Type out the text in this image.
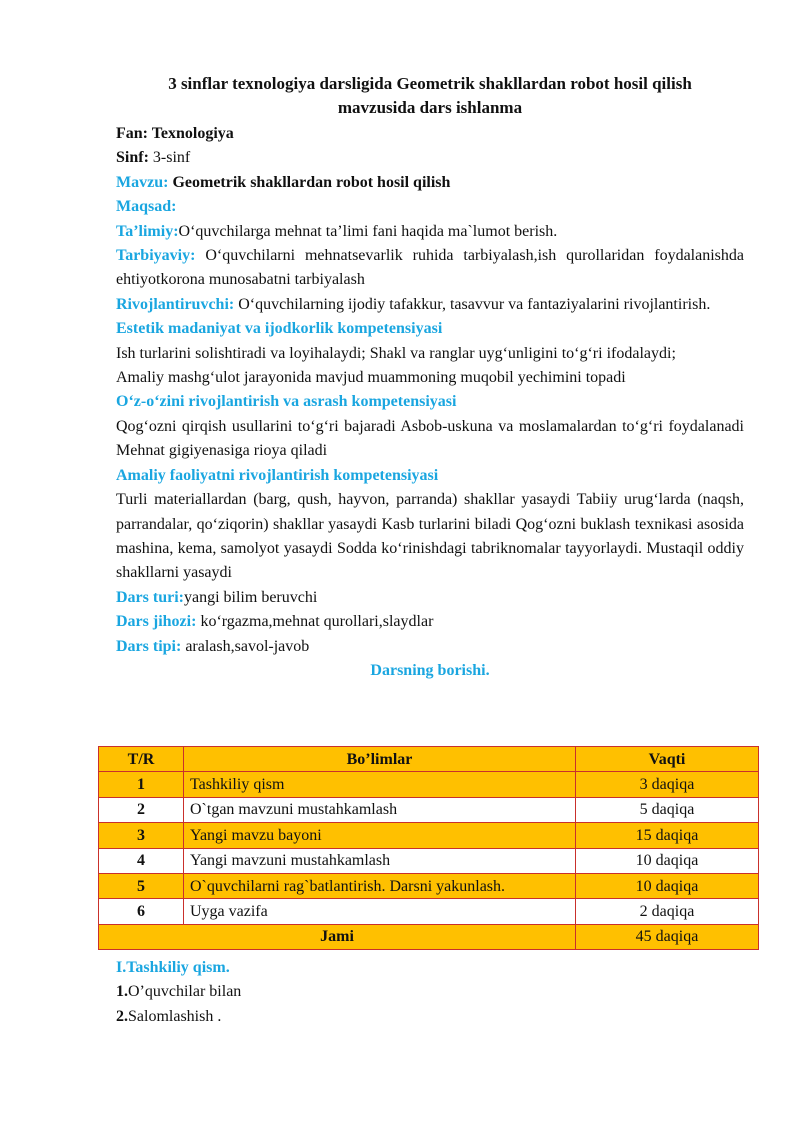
3 sinflar texnologiya darsligida Geometrik shakllardan robot hosil qilish
mavzusida dars ishlanma

Fan: Texnologiya

Sinf: 3-sinf

Mavzu: Geometrik shakllardan robot hosil qilish

Maqsad:

Ta’limiy:O‘quvchilarga mehnat ta’limi fani haqida ma`lumot berish.

Tarbiyaviy: O‘quvchilarni mehnatsevarlik ruhida tarbiyalash,ish qurollaridan foydalanishda ehtiyotkorona munosabatni tarbiyalash

Rivojlantiruvchi: O‘quvchilarning ijodiy tafakkur, tasavvur va fantaziyalarini rivojlantirish.

Estetik madaniyat va ijodkorlik kompetensiyasi

Ish turlarini solishtiradi va loyihalaydi; Shakl va ranglar uyg‘unligini to‘g‘ri ifodalaydi;

Amaliy mashg‘ulot jarayonida mavjud muammoning muqobil yechimini topadi

O‘z-o‘zini rivojlantirish va asrash kompetensiyasi

Qog‘ozni qirqish usullarini to‘g‘ri bajaradi Asbob-uskuna va moslamalardan to‘g‘ri foydalanadi Mehnat gigiyenasiga rioya qiladi

Amaliy faoliyatni rivojlantirish kompetensiyasi

Turli materiallardan (barg, qush, hayvon, parranda) shakllar yasaydi Tabiiy urug‘larda (naqsh, parrandalar, qo‘ziqorin) shakllar yasaydi Kasb turlarini biladi Qog‘ozni buklash texnikasi asosida mashina, kema, samolyot yasaydi Sodda ko‘rinishdagi tabriknomalar tayyorlaydi. Mustaqil oddiy shakllarni yasaydi

Dars turi:yangi bilim beruvchi

Dars jihozi: ko‘rgazma,mehnat qurollari,slaydlar

Dars tipi: aralash,savol-javob

Darsning borishi.

T/R	Bo’limlar	Vaqti
1	Tashkiliy qism	3 daqiqa
2	O`tgan mavzuni mustahkamlash	5 daqiqa
3	Yangi mavzu bayoni	15 daqiqa
4	Yangi mavzuni mustahkamlash	10 daqiqa
5	O`quvchilarni rag`batlantirish. Darsni yakunlash.	10 daqiqa
6	Uyga vazifa	2 daqiqa
Jami		45 daqiqa

I.Tashkiliy qism.

1.O’quvchilar bilan

2.Salomlashish .
